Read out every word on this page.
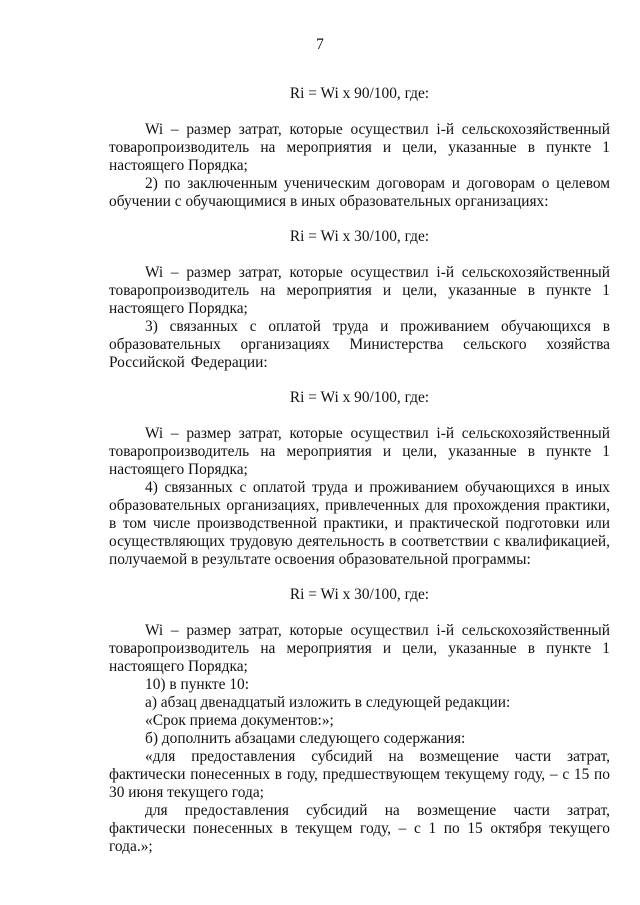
7

Ri = Wi x 90/100, где:

Wi – размер затрат, которые осуществил i-й сельскохозяйственный товаропроизводитель на мероприятия и цели, указанные в пункте 1 настоящего Порядка;

2) по заключенным ученическим договорам и договорам о целевом обучении с обучающимися в иных образовательных организациях:

Ri = Wi x 30/100, где:

Wi – размер затрат, которые осуществил i-й сельскохозяйственный товаропроизводитель на мероприятия и цели, указанные в пункте 1 настоящего Порядка;

3) связанных с оплатой труда и проживанием обучающихся в образовательных организациях Министерства сельского хозяйства Российской Федерации:

Ri = Wi x 90/100, где:

Wi – размер затрат, которые осуществил i-й сельскохозяйственный товаропроизводитель на мероприятия и цели, указанные в пункте 1 настоящего Порядка;

4) связанных с оплатой труда и проживанием обучающихся в иных образовательных организациях, привлеченных для прохождения практики, в том числе производственной практики, и практической подготовки или осуществляющих трудовую деятельность в соответствии с квалификацией, получаемой в результате освоения образовательной программы:

Ri = Wi x 30/100, где:

Wi – размер затрат, которые осуществил i-й сельскохозяйственный товаропроизводитель на мероприятия и цели, указанные в пункте 1 настоящего Порядка;

10) в пункте 10:

а) абзац двенадцатый изложить в следующей редакции:

«Срок приема документов:»;

б) дополнить абзацами следующего содержания:

«для предоставления субсидий на возмещение части затрат, фактически понесенных в году, предшествующем текущему году, – с 15 по 30 июня текущего года;

для предоставления субсидий на возмещение части затрат, фактически понесенных в текущем году, – с 1 по 15 октября текущего года.»;
